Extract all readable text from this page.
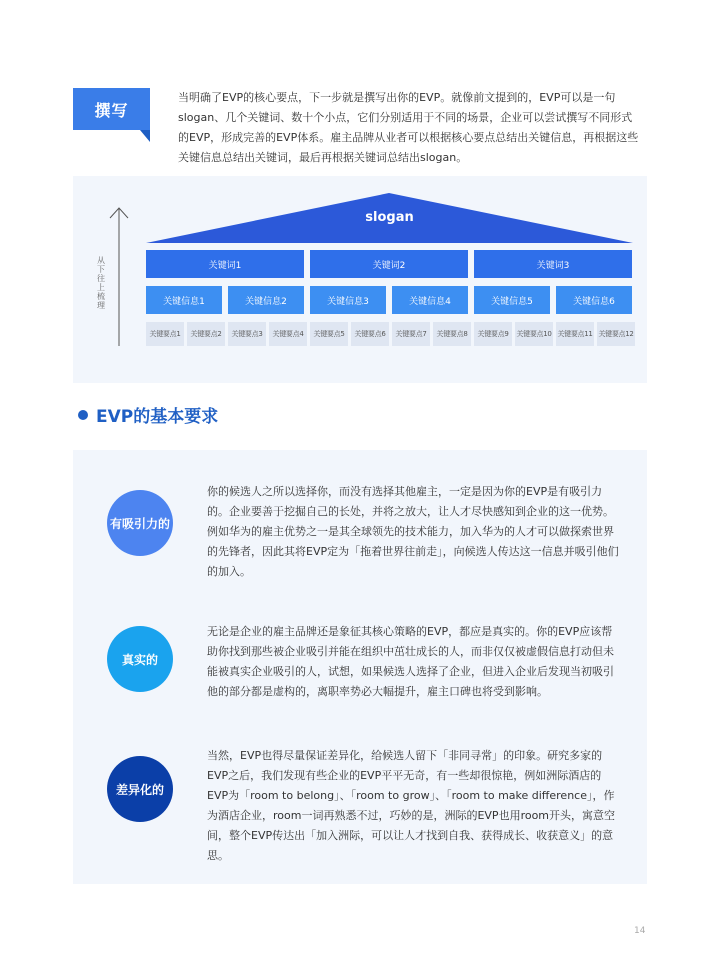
撰写

当明确了EVP的核心要点，下一步就是撰写出你的EVP。就像前文提到的，EVP可以是一句slogan、几个关键词、数十个小点，它们分别适用于不同的场景，企业可以尝试撰写不同形式的EVP，形成完善的EVP体系。雇主品牌从业者可以根据核心要点总结出关键信息，再根据这些关键信息总结出关键词，最后再根据关键词总结出slogan。

从下往上梳理
slogan
关键词1	关键词2	关键词3
关键信息1	关键信息2	关键信息3	关键信息4	关键信息5	关键信息6
关键要点1	关键要点2	关键要点3	关键要点4	关键要点5	关键要点6	关键要点7	关键要点8	关键要点9	关键要点10 关键要点11 关键要点12
EVP的基本要求
有吸引力的

你的候选人之所以选择你，而没有选择其他雇主，一定是因为你的EVP是有吸引力的。企业要善于挖掘自己的长处，并将之放大，让人才尽快感知到企业的这一优势。例如华为的雇主优势之一是其全球领先的技术能力，加入华为的人才可以做探索世界的先锋者，因此其将EVP定为「拖着世界往前走」，向候选人传达这一信息并吸引他们的加入。

真实的

无论是企业的雇主品牌还是象征其核心策略的EVP，都应是真实的。你的EVP应该帮助你找到那些被企业吸引并能在组织中茁壮成长的人，而非仅仅被虚假信息打动但未能被真实企业吸引的人，试想，如果候选人选择了企业，但进入企业后发现当初吸引他的部分都是虚构的，离职率势必大幅提升，雇主口碑也将受到影响。

差异化的

当然，EVP也得尽量保证差异化，给候选人留下「非同寻常」的印象。研究多家的EVP之后，我们发现有些企业的EVP平平无奇，有一些却很惊艳，例如洲际酒店的EVP为「room to belong」、「room to grow」、「room to make difference」，作为酒店企业，room一词再熟悉不过，巧妙的是，洲际的EVP也用room开头，寓意空间，整个EVP传达出「加入洲际，可以让人才找到自我、获得成长、收获意义」的意思。

14
